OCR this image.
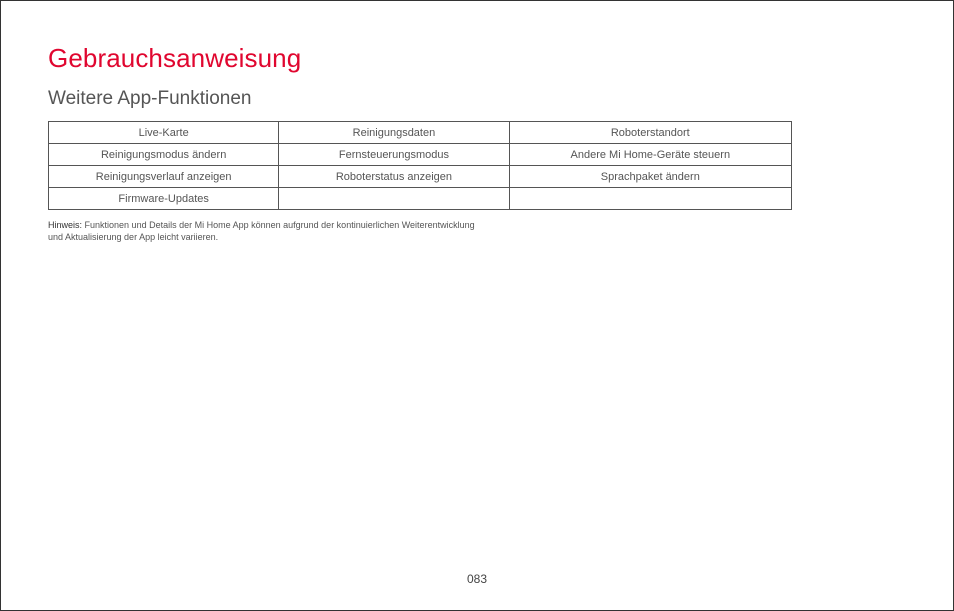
Gebrauchsanweisung
Weitere App-Funktionen
Live-Karte	Reinigungsdaten	Roboterstandort
Reinigungsmodus ändern	Fernsteuerungsmodus	Andere Mi Home-Geräte steuern
Reinigungsverlauf anzeigen	Roboterstatus anzeigen	Sprachpaket ändern
Firmware-Updates		
Hinweis: Funktionen und Details der Mi Home App können aufgrund der kontinuierlichen Weiterentwicklung und Aktualisierung der App leicht variieren.
083
